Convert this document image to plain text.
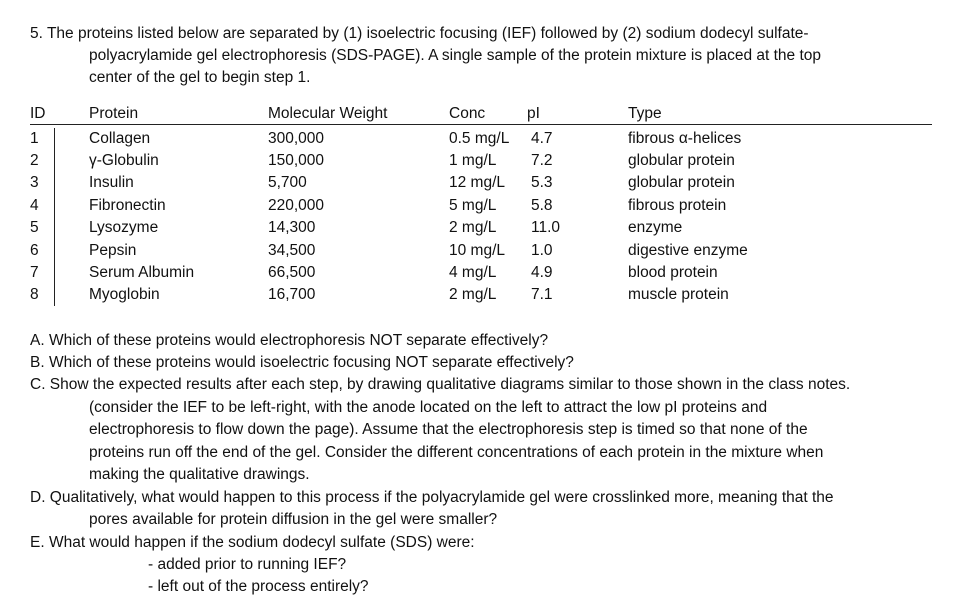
5. The proteins listed below are separated by (1) isoelectric focusing (IEF) followed by (2) sodium dodecyl sulfate-
polyacrylamide gel electrophoresis (SDS-PAGE). A single sample of the protein mixture is placed at the top
center of the gel to begin step 1.
ID	Protein	Molecular Weight	Conc	pI	Type
1	Collagen	300,000	0.5 mg/L 4.7	fibrous α-helices
2	γ-Globulin	150,000	1 mg/L 7.2	globular protein
3	Insulin	5,700	12 mg/L 5.3	globular protein
4	Fibronectin	220,000	5 mg/L 5.8	fibrous protein
5	Lysozyme	14,300	2 mg/L 11.0	enzyme
6	Pepsin	34,500	10 mg/L 1.0	digestive enzyme
7	Serum Albumin	66,500	4 mg/L 4.9	blood protein
8	Myoglobin	16,700	2 mg/L 7.1	muscle protein
A. Which of these proteins would electrophoresis NOT separate effectively?
B. Which of these proteins would isoelectric focusing NOT separate effectively?
C. Show the expected results after each step, by drawing qualitative diagrams similar to those shown in the class notes.
(consider the IEF to be left-right, with the anode located on the left to attract the low pI proteins and
electrophoresis to flow down the page). Assume that the electrophoresis step is timed so that none of the
proteins run off the end of the gel. Consider the different concentrations of each protein in the mixture when
making the qualitative drawings.
D. Qualitatively, what would happen to this process if the polyacrylamide gel were crosslinked more, meaning that the
pores available for protein diffusion in the gel were smaller?
E. What would happen if the sodium dodecyl sulfate (SDS) were:
- added prior to running IEF?
- left out of the process entirely?
